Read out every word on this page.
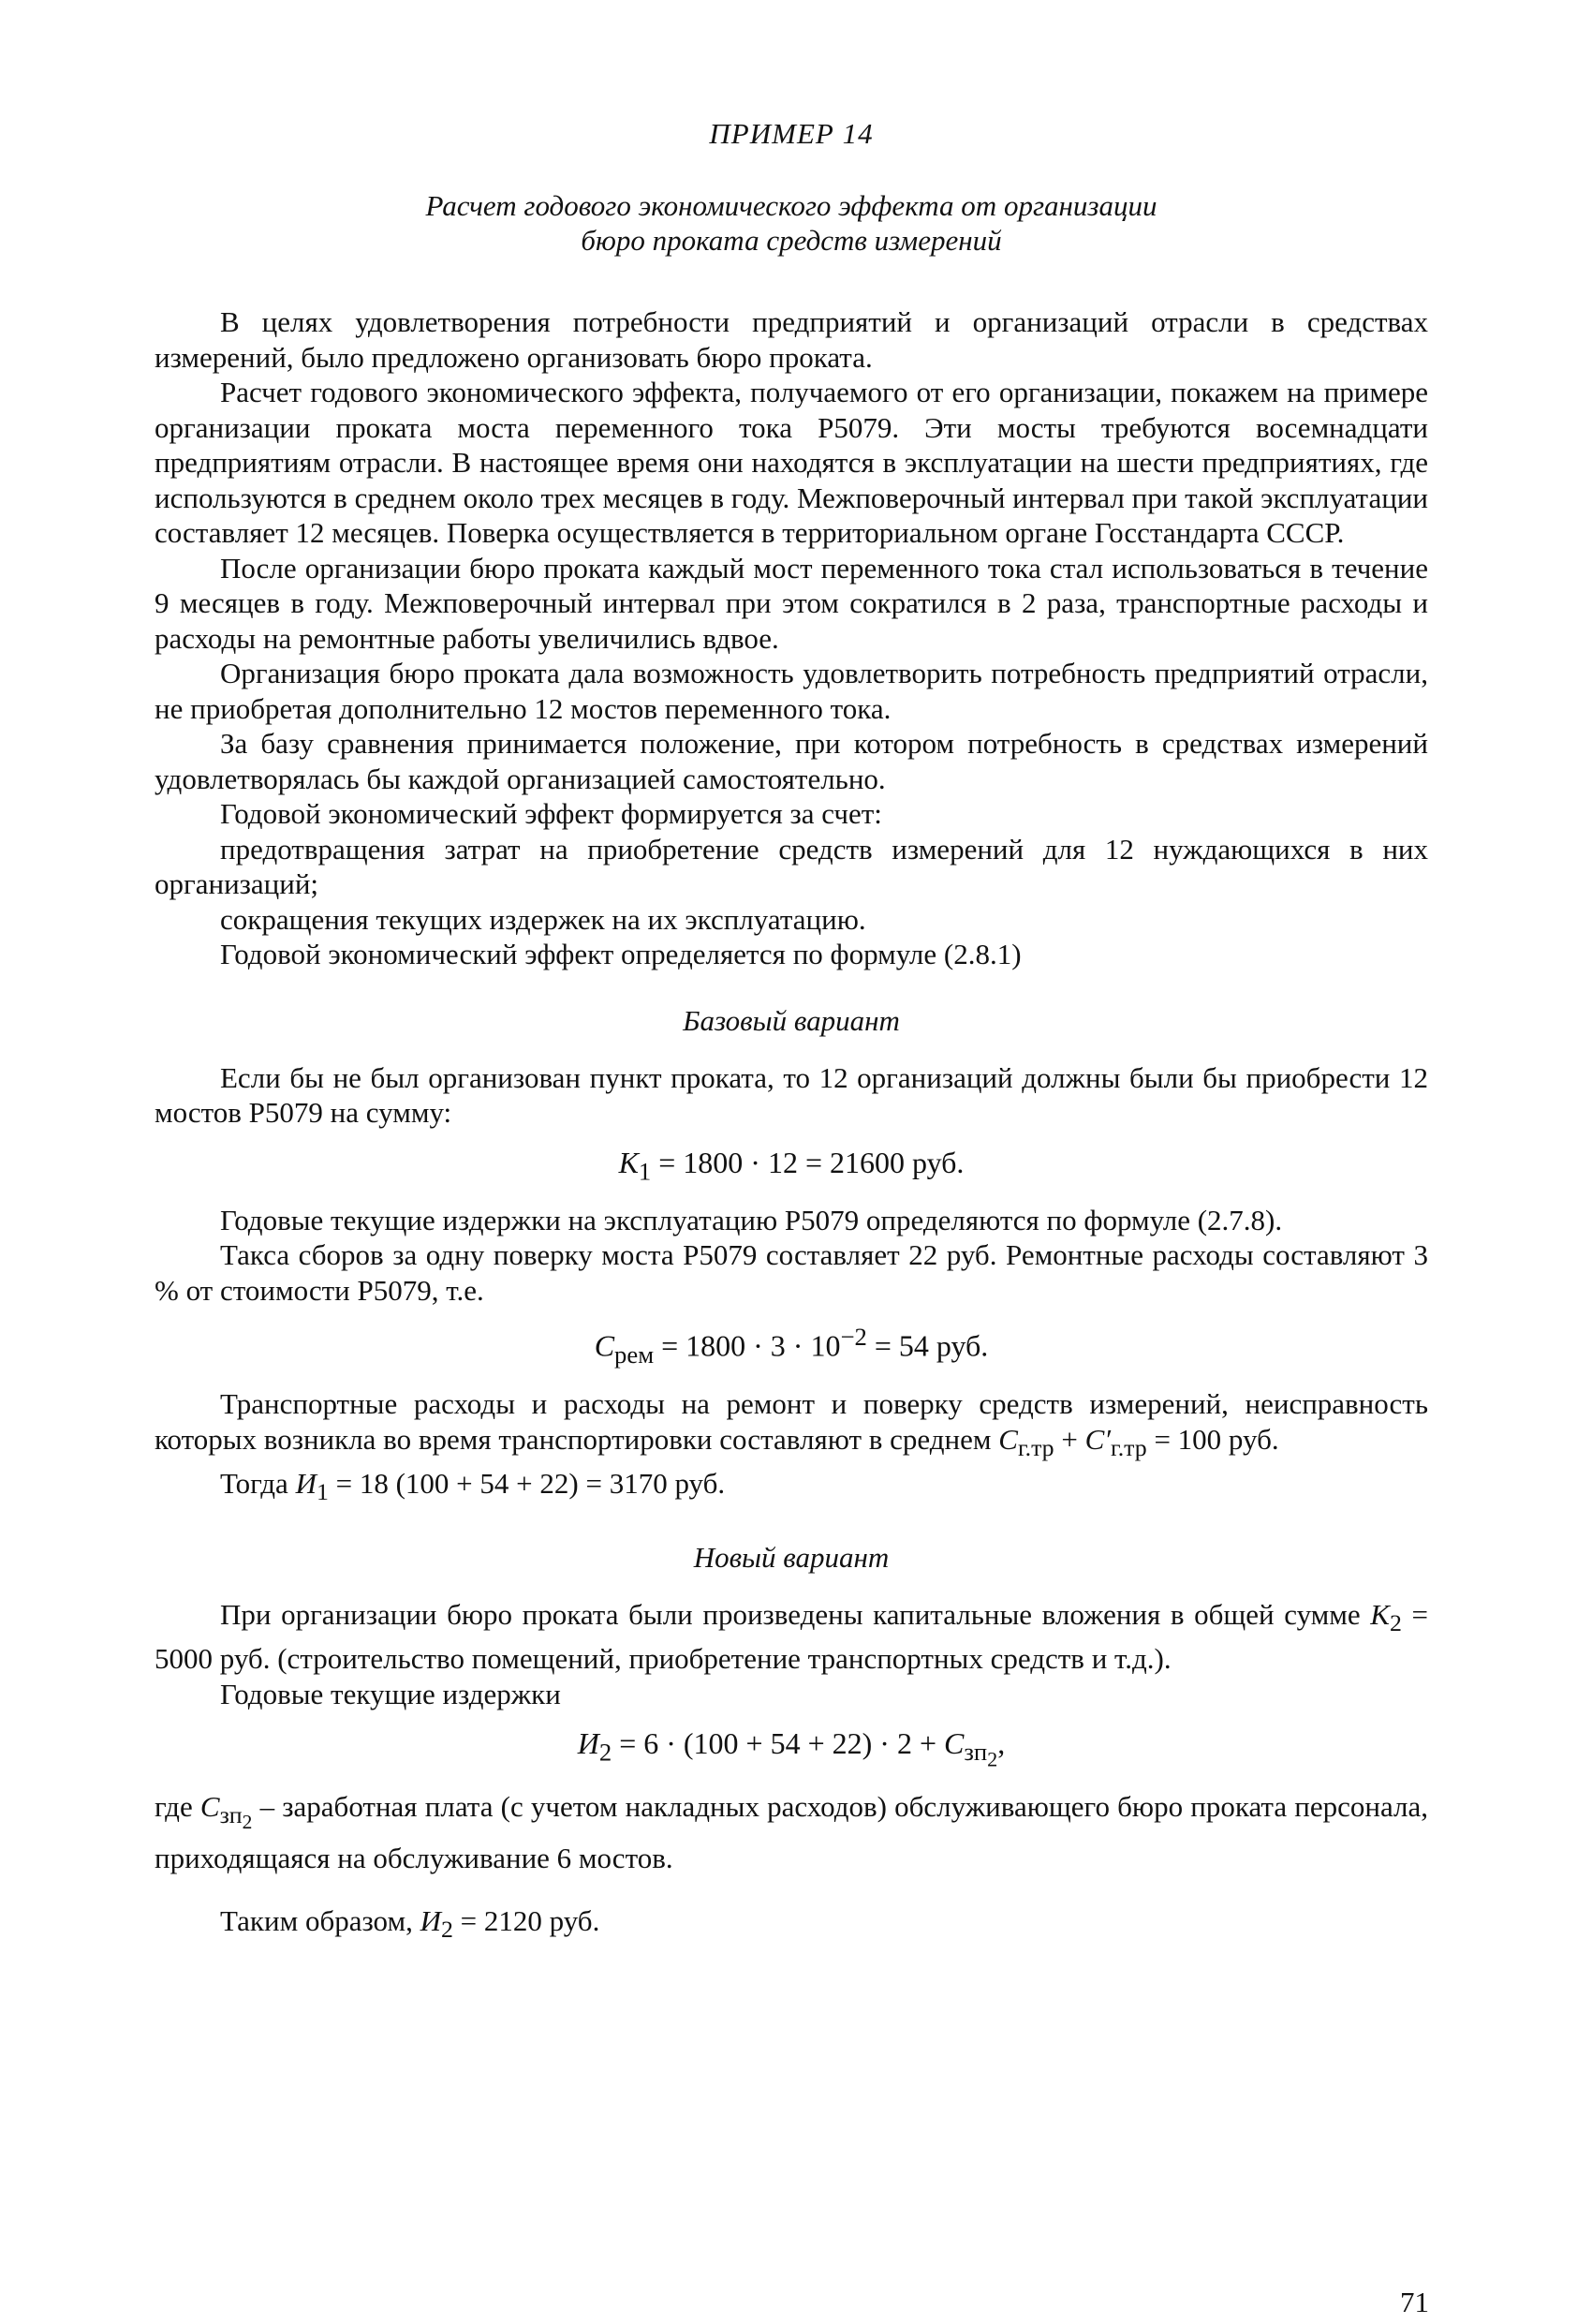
ПРИМЕР 14
Расчет годового экономического эффекта от организации
бюро проката средств измерений

В целях удовлетворения потребности предприятий и организаций отрасли в средствах измерений, было предложено организовать бюро проката.

Расчет годового экономического эффекта, получаемого от его организации, покажем на примере организации проката моста переменного тока Р5079. Эти мосты требуются восемнадцати предприятиям отрасли. В настоящее время они находятся в эксплуатации на шести предприятиях, где используются в среднем около трех месяцев в году. Межповерочный интервал при такой эксплуатации составляет 12 месяцев. Поверка осуществляется в территориальном органе Госстандарта СССР.

После организации бюро проката каждый мост переменного тока стал использоваться в течение 9 месяцев в году. Межповерочный интервал при этом сократился в 2 раза, транспортные расходы и расходы на ремонтные работы увеличились вдвое.

Организация бюро проката дала возможность удовлетворить потребность предприятий отрасли, не приобретая дополнительно 12 мостов переменного тока.

За базу сравнения принимается положение, при котором потребность в средствах измерений удовлетворялась бы каждой организацией самостоятельно.

Годовой экономический эффект формируется за счет:

предотвращения затрат на приобретение средств измерений для 12 нуждающихся в них организаций;

сокращения текущих издержек на их эксплуатацию.

Годовой экономический эффект определяется по формуле (2.8.1)

Базовый вариант

Если бы не был организован пункт проката, то 12 организаций должны были бы приобрести 12 мостов Р5079 на сумму:

$K_1 = 1800 \cdot 12 = 21600$ руб.

Годовые текущие издержки на эксплуатацию Р5079 определяются по формуле (2.7.8).

Такса сборов за одну поверку моста Р5079 составляет 22 руб. Ремонтные расходы составляют 3 % от стоимости Р5079, т.е.

$C_{рем} = 1800 \cdot 3 \cdot 10^{-2} = 54$ руб.

Транспортные расходы и расходы на ремонт и поверку средств измерений, неисправность которых возникла во время транспортировки составляют в среднем $C_{г.тр} + C'_{г.тр} = 100$ руб.

Тогда $И_1 = 18$ (100 + 54 + 22) = 3170 руб.

Новый вариант

При организации бюро проката были произведены капитальные вложения в общей сумме $K_2 = 5000$ руб. (строительство помещений, приобретение транспортных средств и т.д.).

Годовые текущие издержки

$И_2 = 6 \cdot (100 + 54 + 22) \cdot 2 + C_{зп_2}$,

где $C_{зп_2}$ – заработная плата (с учетом накладных расходов) обслуживающего бюро проката персонала, приходящаяся на обслуживание 6 мостов.

Таким образом, $И_2 = 2120$ руб.

71
